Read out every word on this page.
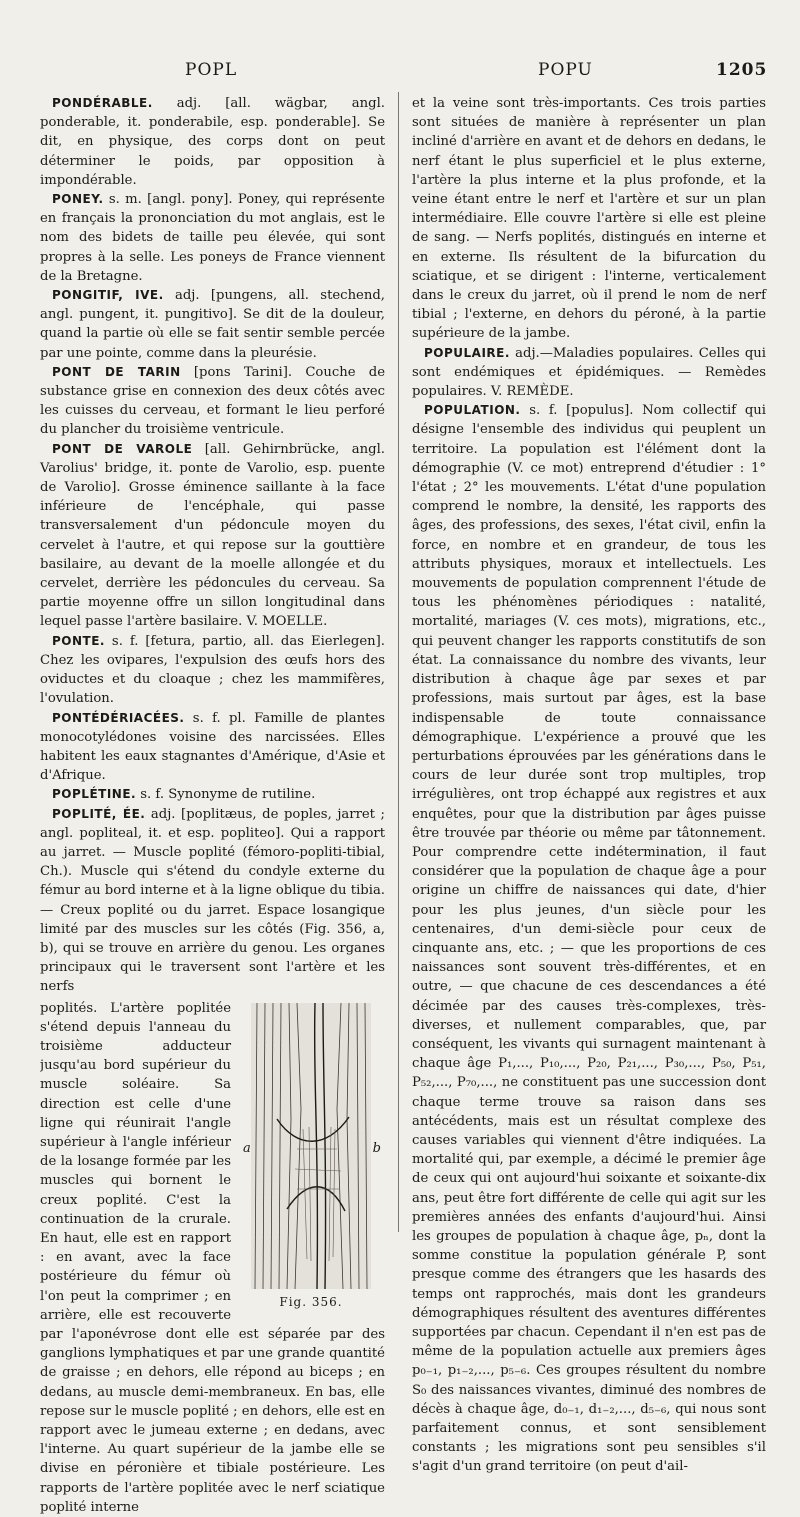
POPL	POPU	1205

PONDÉRABLE. adj. [all. wägbar, angl. ponderable, it. ponderabile, esp. ponderable]. Se dit, en physique, des corps dont on peut déterminer le poids, par opposition à impondérable.

PONEY. s. m. [angl. pony]. Poney, qui représente en français la prononciation du mot anglais, est le nom des bidets de taille peu élevée, qui sont propres à la selle. Les poneys de France viennent de la Bretagne.

PONGITIF, IVE. adj. [pungens, all. stechend, angl. pungent, it. pungitivo]. Se dit de la douleur, quand la partie où elle se fait sentir semble percée par une pointe, comme dans la pleurésie.

PONT DE TARIN [pons Tarini]. Couche de substance grise en connexion des deux côtés avec les cuisses du cerveau, et formant le lieu perforé du plancher du troisième ventricule.

PONT DE VAROLE [all. Gehirnbrücke, angl. Varolius' bridge, it. ponte de Varolio, esp. puente de Varolio]. Grosse éminence saillante à la face inférieure de l'encéphale, qui passe transversalement d'un pédoncule moyen du cervelet à l'autre, et qui repose sur la gouttière basilaire, au devant de la moelle allongée et du cervelet, derrière les pédoncules du cerveau. Sa partie moyenne offre un sillon longitudinal dans lequel passe l'artère basilaire. V. MOELLE.

PONTE. s. f. [fetura, partio, all. das Eierlegen]. Chez les ovipares, l'expulsion des œufs hors des oviductes et du cloaque ; chez les mammifères, l'ovulation.

PONTÉDÉRIACÉES. s. f. pl. Famille de plantes monocotylédones voisine des narcissées. Elles habitent les eaux stagnantes d'Amérique, d'Asie et d'Afrique.

POPLÉTINE. s. f. Synonyme de rutiline.

POPLITÉ, ÉE. adj. [poplitæus, de poples, jarret ; angl. popliteal, it. et esp. popliteo]. Qui a rapport au jarret. — Muscle poplité (fémoro-popliti-tibial, Ch.). Muscle qui s'étend du condyle externe du fémur au bord interne et à la ligne oblique du tibia. — Creux poplité ou du jarret. Espace losangique limité par des muscles sur les côtés (Fig. 356, a, b), qui se trouve en arrière du genou. Les organes principaux qui le traversent sont l'artère et les nerfs

a	b
Fig. 356.
poplités. L'artère poplitée s'étend depuis l'anneau du troisième adducteur jusqu'au bord supérieur du muscle soléaire. Sa direction est celle d'une ligne qui réunirait l'angle supérieur à l'angle inférieur de la losange formée par les muscles qui bornent le creux poplité. C'est la continuation de la crurale. En haut, elle est en rapport : en avant, avec la face postérieure du fémur où l'on peut la comprimer ; en arrière, elle est recouverte par l'aponévrose dont elle est séparée par des ganglions lymphatiques et par une grande quantité de graisse ; en dehors, elle répond au biceps ; en dedans, au muscle demi-membraneux. En bas, elle repose sur le muscle poplité ; en dehors, elle est en rapport avec le jumeau externe ; en dedans, avec l'interne. Au quart supérieur de la jambe elle se divise en péronière et tibiale postérieure. Les rapports de l'artère poplitée avec le nerf sciatique poplité interne

et la veine sont très-importants. Ces trois parties sont situées de manière à représenter un plan incliné d'arrière en avant et de dehors en dedans, le nerf étant le plus superficiel et le plus externe, l'artère la plus interne et la plus profonde, et la veine étant entre le nerf et l'artère et sur un plan intermédiaire. Elle couvre l'artère si elle est pleine de sang. — Nerfs poplités, distingués en interne et en externe. Ils résultent de la bifurcation du sciatique, et se dirigent : l'interne, verticalement dans le creux du jarret, où il prend le nom de nerf tibial ; l'externe, en dehors du péroné, à la partie supérieure de la jambe.

POPULAIRE. adj.—Maladies populaires. Celles qui sont endémiques et épidémiques. — Remèdes populaires. V. REMÈDE.

POPULATION. s. f. [populus]. Nom collectif qui désigne l'ensemble des individus qui peuplent un territoire. La population est l'élément dont la démographie (V. ce mot) entreprend d'étudier : 1° l'état ; 2° les mouvements. L'état d'une population comprend le nombre, la densité, les rapports des âges, des professions, des sexes, l'état civil, enfin la force, en nombre et en grandeur, de tous les attributs physiques, moraux et intellectuels. Les mouvements de population comprennent l'étude de tous les phénomènes périodiques : natalité, mortalité, mariages (V. ces mots), migrations, etc., qui peuvent changer les rapports constitutifs de son état. La connaissance du nombre des vivants, leur distribution à chaque âge par sexes et par professions, mais surtout par âges, est la base indispensable de toute connaissance démographique. L'expérience a prouvé que les perturbations éprouvées par les générations dans le cours de leur durée sont trop multiples, trop irrégulières, ont trop échappé aux registres et aux enquêtes, pour que la distribution par âges puisse être trouvée par théorie ou même par tâtonnement. Pour comprendre cette indétermination, il faut considérer que la population de chaque âge a pour origine un chiffre de naissances qui date, d'hier pour les plus jeunes, d'un siècle pour les centenaires, d'un demi-siècle pour ceux de cinquante ans, etc. ; — que les proportions de ces naissances sont souvent très-différentes, et en outre, — que chacune de ces descendances a été décimée par des causes très-complexes, très-diverses, et nullement comparables, que, par conséquent, les vivants qui surnagent maintenant à chaque âge P₁,..., P₁₀,..., P₂₀, P₂₁,..., P₃₀,..., P₅₀, P₅₁, P₅₂,..., P₇₀,..., ne constituent pas une succession dont chaque terme trouve sa raison dans ses antécédents, mais est un résultat complexe des causes variables qui viennent d'être indiquées. La mortalité qui, par exemple, a décimé le premier âge de ceux qui ont aujourd'hui soixante et soixante-dix ans, peut être fort différente de celle qui agit sur les premières années des enfants d'aujourd'hui. Ainsi les groupes de population à chaque âge, pₙ, dont la somme constitue la population générale P, sont presque comme des étrangers que les hasards des temps ont rapprochés, mais dont les grandeurs démographiques résultent des aventures différentes supportées par chacun. Cependant il n'en est pas de même de la population actuelle aux premiers âges p₀₋₁, p₁₋₂,..., p₅₋₆. Ces groupes résultent du nombre S₀ des naissances vivantes, diminué des nombres de décès à chaque âge, d₀₋₁, d₁₋₂,..., d₅₋₆, qui nous sont parfaitement connus, et sont sensiblement constants ; les migrations sont peu sensibles s'il s'agit d'un grand territoire (on peut d'ail-
